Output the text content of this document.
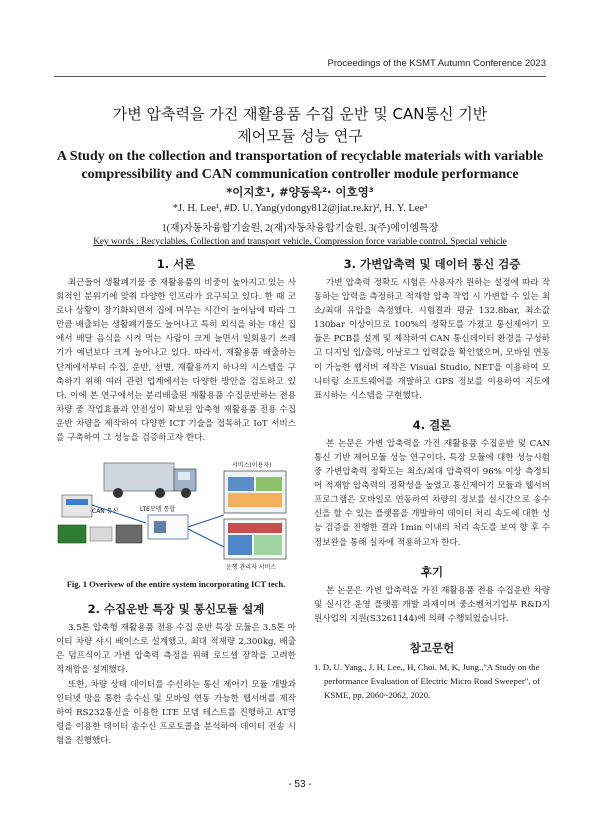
Proceedings of the KSMT Autumn Conference 2023
가변 압축력을 가진 재활용품 수집 운반 및 CAN통신 기반
제어모듈 성능 연구
A Study on the collection and transportation of recyclable materials with variable compressibility and CAN communication controller module performance
*이지호¹, #양동욱²· 이호영³
*J. H. Lee¹, #D. U. Yang(ydongy812@jiat.re.kr)², H. Y. Lee³
1(재)자동차융합기술원, 2(재)자동차융합기술원, 3(주)에이엠특장
Key words : Recyclables, Collection and transport vehicle, Compression force variable control, Special vehicle
1. 서론

최근들어 생활폐기물 중 재활용품의 비중이 높아지고 있는 사회적인 분위기에 맞춰 다양한 인프라가 요구되고 있다. 한 때 코로나 상황이 장기화되면서 집에 머무는 시간이 늘어남에 따라 그만큼 배출되는 생활폐기물도 늘어나고 특히 외식을 하는 대신 집에서 배달 음식을 시켜 먹는 사람이 크게 늘면서 일회용기 쓰레기가 예년보다 크게 늘어나고 있다. 따라서, 재활용품 배출하는 단계에서부터 수집, 운반, 선별, 재활용까지 하나의 시스템을 구축하기 위해 여러 관련 업계에서는 다양한 방안을 검토하고 있다. 이에 본 연구에서는 분리배출된 재활용품 수집운반하는 전용 차량 중 작업효율과 안전성이 확보된 압축형 재활용품 전용 수집운반 차량을 제작하여 다양한 ICT 기술을 접목하고 IoT 서비스를 구축하여 그 성능을 검증하고자 한다.

CAN 통신	LTE모뎀 통합
서비스(이용자)
운행 관리자 서비스
Fig. 1 Overivew of the entire system incorporating ICT tech.
2. 수집운반 특장 및 통신모듈 설계

3.5톤 압축형 재활용품 전용 수집 운반 특장 모듈은 3.5톤 마이티 차량 샤시 베이스로 설계했고, 최대 적재량 2,300kg, 배출은 덤프식이고 가변 압축력 측정을 위해 로드셀 장착을 고려한 적재함을 설계했다.

또한, 차량 상태 데이터를 수신하는 통신 제어기 모듈 개발과 인터넷 망을 통한 송수신 및 모바일 연동 가능한 웹서버를 제작하여 RS232통신을 이용한 LTE 모뎀 테스트를 진행하고 AT명령을 이용한 데이터 송수신 프로토콜을 분석하여 데이터 전송 시험을 진행했다.

3. 가변압축력 및 데이터 통신 검증

가변 압축력 정확도 시험은 사용자가 원하는 설정에 따라 작동하는 압력을 측정하고 적재함 압축 작업 시 가변할 수 있는 최소/최대 유압을 측정했다. 시험결과 평균 132.8bar, 최소값 130bar 이상이므로 100%의 정확도를 가졌고 통신제어기 모듈은 PCB를 설계 및 제작하여 CAN 통신데이터 환경을 구성하고 디지털 입/출력, 아날로그 입력값을 확인했으며, 모바일 연동이 가능한 웹서버 제작은 Visual Studio, NET을 이용하여 모니터링 소프트웨어를 개발하고 GPS 정보를 이용하여 지도에 표시하는 시스템을 구현했다.

4. 결론

본 논문은 가변 압축력을 가진 재활용품 수집운반 및 CAN통신 기반 제어모듈 성능 연구이다. 특장 모듈에 대한 성능시험 중 가변압축력 정확도는 최소/최대 압축력이 96% 이상 측정되어 적재함 압축력의 정확성을 높였고 통신제어기 모듈과 웹서버 프로그램은 모바일로 연동하여 차량의 정보를 실시간으로 송수신을 할 수 있는 플랫폼을 개발하여 데이터 처리 속도에 대한 성능 검증을 진행한 결과 1min 이내의 처리 속도를 보여 향 후 수정보완을 통해 실차에 적용하고자 한다.

후기

본 논문은 가변 압축력을 가진 재활용품 전용 수집운반 차량 및 실시간 운영 플랫폼 개발 과제이며 중소벤처기업부 R&D지원사업의 지원(S3261144)에 의해 수행되었습니다.

참고문헌

1. D, U. Yang., J, H, Lee., H, Choi. M, K, Jung.,"A Study on the performance Evaluation of Electric Micro Road Sweeper", of KSME, pp. 2060~2062, 2020.

- 53 -
